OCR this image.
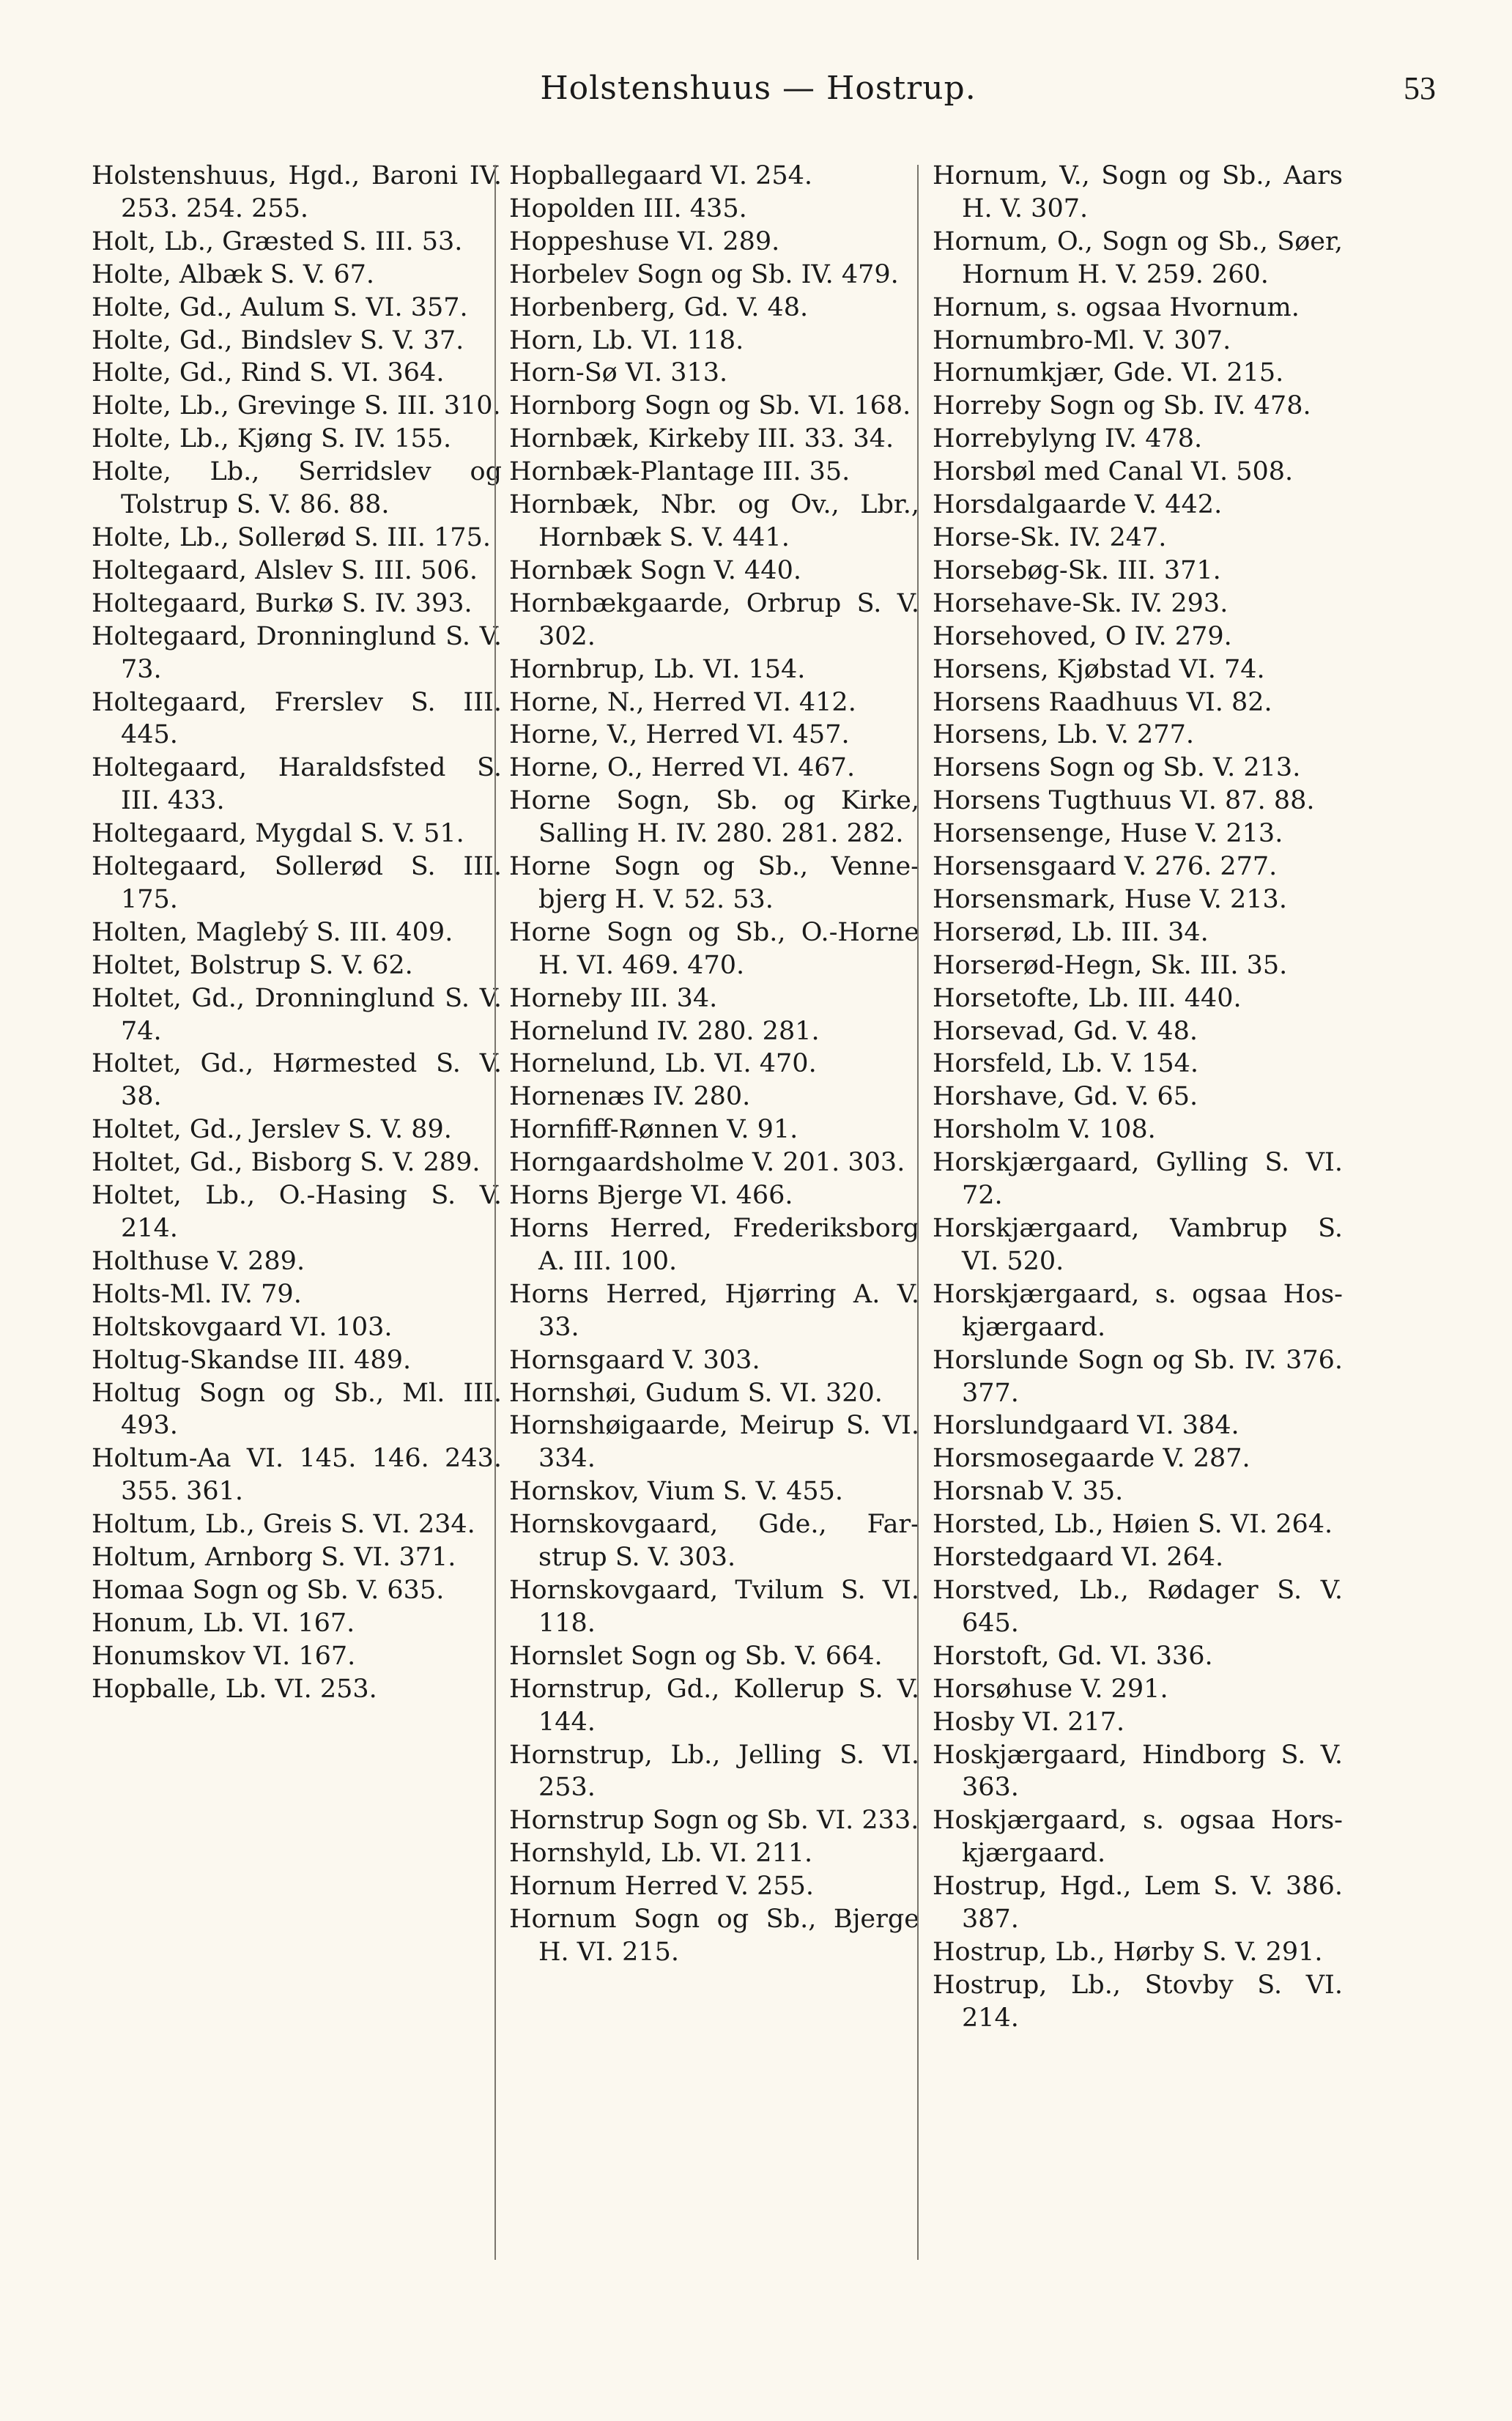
Holstenshuus — Hostrup.	53
Holstenshuus, Hgd., Baroni IV. 253. 254. 255.
Holt, Lb., Græsted S. III. 53.
Holte, Albæk S. V. 67.
Holte, Gd., Aulum S. VI. 357.
Holte, Gd., Bindslev S. V. 37.
Holte, Gd., Rind S. VI. 364.
Holte, Lb., Grevinge S. III. 310.
Holte, Lb., Kjøng S. IV. 155.
Holte, Lb., Serridslev og Tolstrup S. V. 86. 88.
Holte, Lb., Sollerød S. III. 175.
Holtegaard, Alslev S. III. 506.
Holtegaard, Burkø S. IV. 393.
Holtegaard, Dronninglund S. V. 73.
Holtegaard, Frerslev S. III. 445.
Holtegaard, Haraldsfsted S. III. 433.
Holtegaard, Mygdal S. V. 51.
Holtegaard, Sollerød S. III. 175.
Holten, Maglebý S. III. 409.
Holtet, Bolstrup S. V. 62.
Holtet, Gd., Dronninglund S. V. 74.
Holtet, Gd., Hørmested S. V. 38.
Holtet, Gd., Jerslev S. V. 89.
Holtet, Gd., Bisborg S. V. 289.
Holtet, Lb., O.-Hasing S. V. 214.
Holthuse V. 289.
Holts-Ml. IV. 79.
Holtskovgaard VI. 103.
Holtug-Skandse III. 489.
Holtug Sogn og Sb., Ml. III. 493.
Holtum-Aa VI. 145. 146. 243. 355. 361.
Holtum, Lb., Greis S. VI. 234.
Holtum, Arnborg S. VI. 371.
Homaa Sogn og Sb. V. 635.
Honum, Lb. VI. 167.
Honumskov VI. 167.
Hopballe, Lb. VI. 253.
Hopballegaard VI. 254.
Hopolden III. 435.
Hoppeshuse VI. 289.
Horbelev Sogn og Sb. IV. 479.
Horbenberg, Gd. V. 48.
Horn, Lb. VI. 118.
Horn-Sø VI. 313.
Hornborg Sogn og Sb. VI. 168.
Hornbæk, Kirkeby III. 33. 34.
Hornbæk-Plantage III. 35.
Hornbæk, Nbr. og Ov., Lbr., Hornbæk S. V. 441.
Hornbæk Sogn V. 440.
Hornbækgaarde, Orbrup S. V. 302.
Hornbrup, Lb. VI. 154.
Horne, N., Herred VI. 412.
Horne, V., Herred VI. 457.
Horne, O., Herred VI. 467.
Horne Sogn, Sb. og Kirke, Salling H. IV. 280. 281. 282.
Horne Sogn og Sb., Venne-bjerg H. V. 52. 53.
Horne Sogn og Sb., O.-Horne H. VI. 469. 470.
Horneby III. 34.
Hornelund IV. 280. 281.
Hornelund, Lb. VI. 470.
Hornenæs IV. 280.
Hornfiff-Rønnen V. 91.
Horngaardsholme V. 201. 303.
Horns Bjerge VI. 466.
Horns Herred, Frederiksborg A. III. 100.
Horns Herred, Hjørring A. V. 33.
Hornsgaard V. 303.
Hornshøi, Gudum S. VI. 320.
Hornshøigaarde, Meirup S. VI. 334.
Hornskov, Vium S. V. 455.
Hornskovgaard, Gde., Far-strup S. V. 303.
Hornskovgaard, Tvilum S. VI. 118.
Hornslet Sogn og Sb. V. 664.
Hornstrup, Gd., Kollerup S. V. 144.
Hornstrup, Lb., Jelling S. VI. 253.
Hornstrup Sogn og Sb. VI. 233.
Hornshyld, Lb. VI. 211.
Hornum Herred V. 255.
Hornum Sogn og Sb., Bjerge H. VI. 215.
Hornum, V., Sogn og Sb., Aars H. V. 307.
Hornum, O., Sogn og Sb., Søer, Hornum H. V. 259. 260.
Hornum, s. ogsaa Hvornum.
Hornumbro-Ml. V. 307.
Hornumkjær, Gde. VI. 215.
Horreby Sogn og Sb. IV. 478.
Horrebylyng IV. 478.
Horsbøl med Canal VI. 508.
Horsdalgaarde V. 442.
Horse-Sk. IV. 247.
Horsebøg-Sk. III. 371.
Horsehave-Sk. IV. 293.
Horsehoved, O IV. 279.
Horsens, Kjøbstad VI. 74.
Horsens Raadhuus VI. 82.
Horsens, Lb. V. 277.
Horsens Sogn og Sb. V. 213.
Horsens Tugthuus VI. 87. 88.
Horsensenge, Huse V. 213.
Horsensgaard V. 276. 277.
Horsensmark, Huse V. 213.
Horserød, Lb. III. 34.
Horserød-Hegn, Sk. III. 35.
Horsetofte, Lb. III. 440.
Horsevad, Gd. V. 48.
Horsfeld, Lb. V. 154.
Horshave, Gd. V. 65.
Horsholm V. 108.
Horskjærgaard, Gylling S. VI. 72.
Horskjærgaard, Vambrup S. VI. 520.
Horskjærgaard, s. ogsaa Hos-kjærgaard.
Horslunde Sogn og Sb. IV. 376. 377.
Horslundgaard VI. 384.
Horsmosegaarde V. 287.
Horsnab V. 35.
Horsted, Lb., Høien S. VI. 264.
Horstedgaard VI. 264.
Horstved, Lb., Rødager S. V. 645.
Horstoft, Gd. VI. 336.
Horsøhuse V. 291.
Hosby VI. 217.
Hoskjærgaard, Hindborg S. V. 363.
Hoskjærgaard, s. ogsaa Hors-kjærgaard.
Hostrup, Hgd., Lem S. V. 386. 387.
Hostrup, Lb., Hørby S. V. 291.
Hostrup, Lb., Stovby S. VI. 214.
